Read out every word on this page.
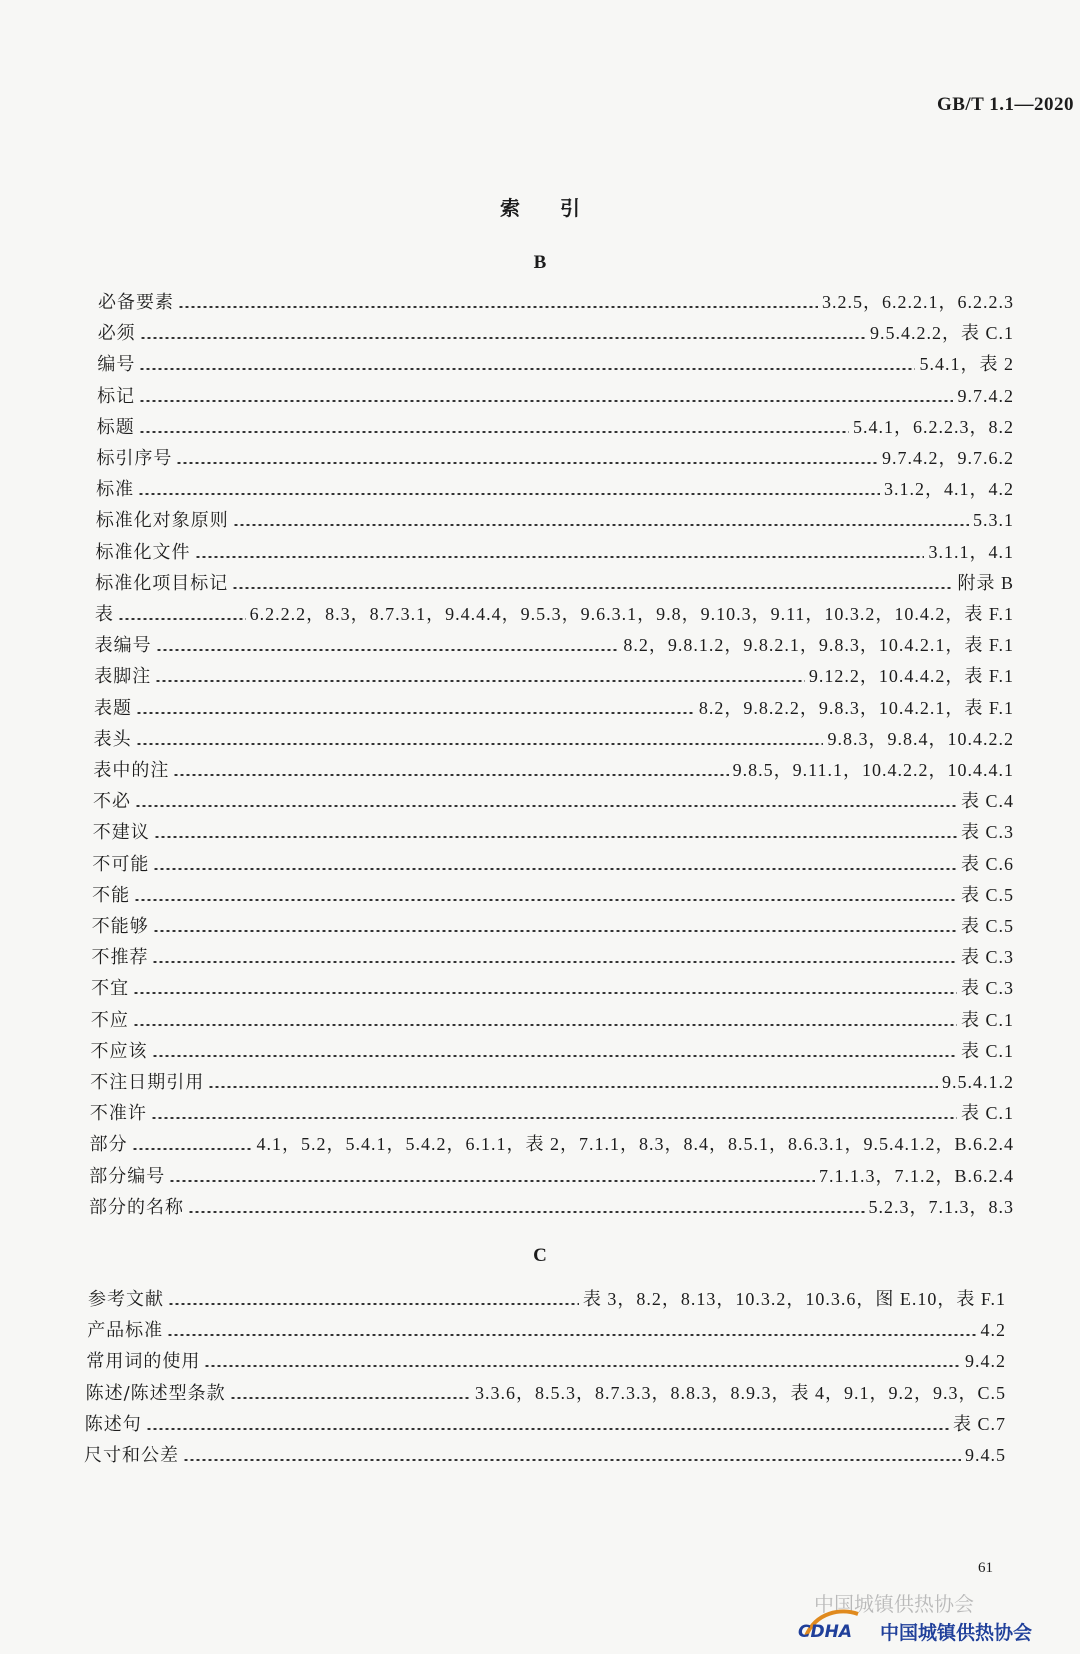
GB/T 1.1—2020
索引
B
必备要素	3.2.5，6.2.2.1，6.2.2.3
必须	9.5.4.2.2，表 C.1
编号	5.4.1，表 2
标记	9.7.4.2
标题	5.4.1，6.2.2.3，8.2
标引序号	9.7.4.2，9.7.6.2
标准	3.1.2，4.1，4.2
标准化对象原则	5.3.1
标准化文件	3.1.1，4.1
标准化项目标记	附录 B
表	6.2.2.2，8.3，8.7.3.1，9.4.4.4，9.5.3，9.6.3.1，9.8，9.10.3，9.11，10.3.2，10.4.2，表 F.1
表编号	8.2，9.8.1.2，9.8.2.1，9.8.3，10.4.2.1，表 F.1
表脚注	9.12.2，10.4.4.2，表 F.1
表题	8.2，9.8.2.2，9.8.3，10.4.2.1，表 F.1
表头	9.8.3，9.8.4，10.4.2.2
表中的注	9.8.5，9.11.1，10.4.2.2，10.4.4.1
不必	表 C.4
不建议	表 C.3
不可能	表 C.6
不能	表 C.5
不能够	表 C.5
不推荐	表 C.3
不宜	表 C.3
不应	表 C.1
不应该	表 C.1
不注日期引用	9.5.4.1.2
不准许	表 C.1
部分	4.1，5.2，5.4.1，5.4.2，6.1.1，表 2，7.1.1，8.3，8.4，8.5.1，8.6.3.1，9.5.4.1.2，B.6.2.4
部分编号	7.1.1.3，7.1.2，B.6.2.4
部分的名称	5.2.3，7.1.3，8.3
C
参考文献	表 3，8.2，8.13，10.3.2，10.3.6，图 E.10，表 F.1
产品标准	4.2
常用词的使用	9.4.2
陈述/陈述型条款	3.3.6，8.5.3，8.7.3.3，8.8.3，8.9.3，表 4，9.1，9.2，9.3，C.5
陈述句	表 C.7
尺寸和公差	9.4.5
61
中国城镇供热协会
CDHA 中国城镇供热协会
